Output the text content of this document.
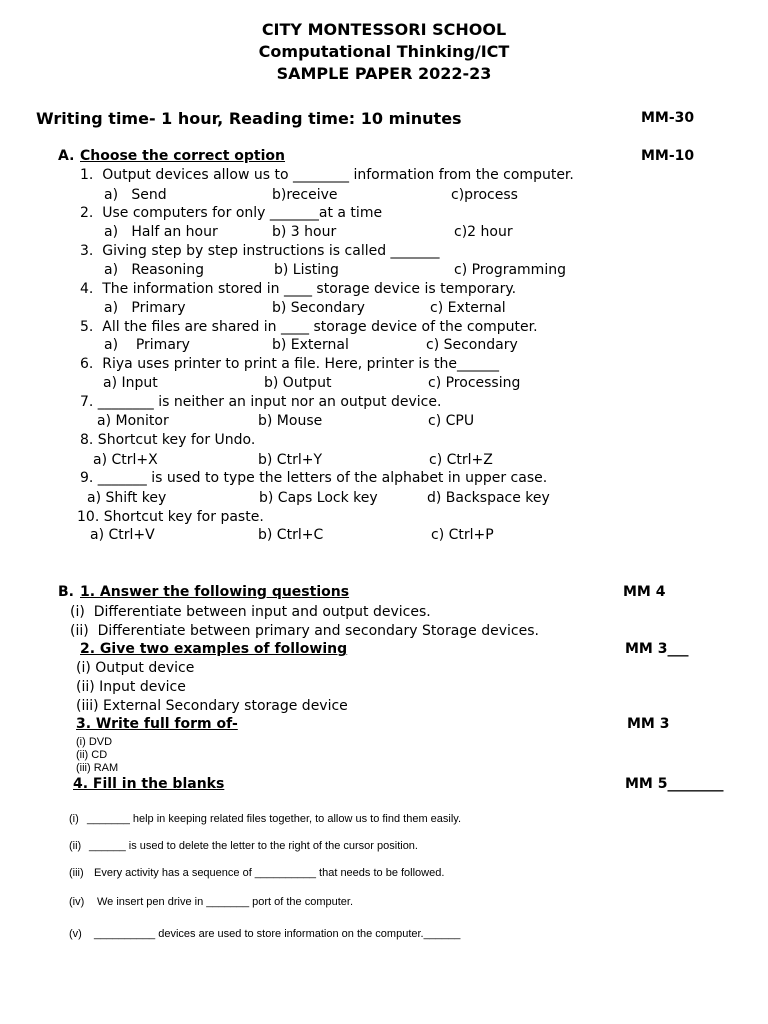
CITY MONTESSORI SCHOOL
Computational Thinking/ICT
SAMPLE PAPER 2022-23
Writing time- 1 hour, Reading time: 10 minutes	MM-30
A. Choose the correct option	MM-10
1.  Output devices allow us to ________ information from the computer.
a)   Send	b)receive	c)process
2.  Use computers for only _______at a time
a)   Half an hour	b) 3 hour	c)2 hour
3.  Giving step by step instructions is called _______
a)   Reasoning	b) Listing	c) Programming
4.  The information stored in ____ storage device is temporary.
a)   Primary	b) Secondary	c) External
5.  All the files are shared in ____ storage device of the computer.
a)    Primary	b) External	c) Secondary
6.  Riya uses printer to print a file. Here, printer is the______
a) Input	b) Output	c) Processing
7. ________ is neither an input nor an output device.
a) Monitor	b) Mouse	c) CPU
8. Shortcut key for Undo.
a) Ctrl+X	b) Ctrl+Y	c) Ctrl+Z
9. _______ is used to type the letters of the alphabet in upper case.
a) Shift key	b) Caps Lock key	d) Backspace key
10. Shortcut key for paste.
a) Ctrl+V	b) Ctrl+C	c) Ctrl+P
B. 1. Answer the following questions	MM 4
(i)  Differentiate between input and output devices.
(ii)  Differentiate between primary and secondary Storage devices.
2. Give two examples of following	MM 3___
(i) Output device
(ii) Input device
(iii) External Secondary storage device
3. Write full form of-	MM 3
(i) DVD
(ii) CD
(iii) RAM
4. Fill in the blanks	MM 5________
(i) _______ help in keeping related files together, to allow us to find them easily.
(ii) ______ is used to delete the letter to the right of the cursor position.
(iii) Every activity has a sequence of __________ that needs to be followed.
(iv) We insert pen drive in _______ port of the computer.
(v) __________ devices are used to store information on the computer.______
